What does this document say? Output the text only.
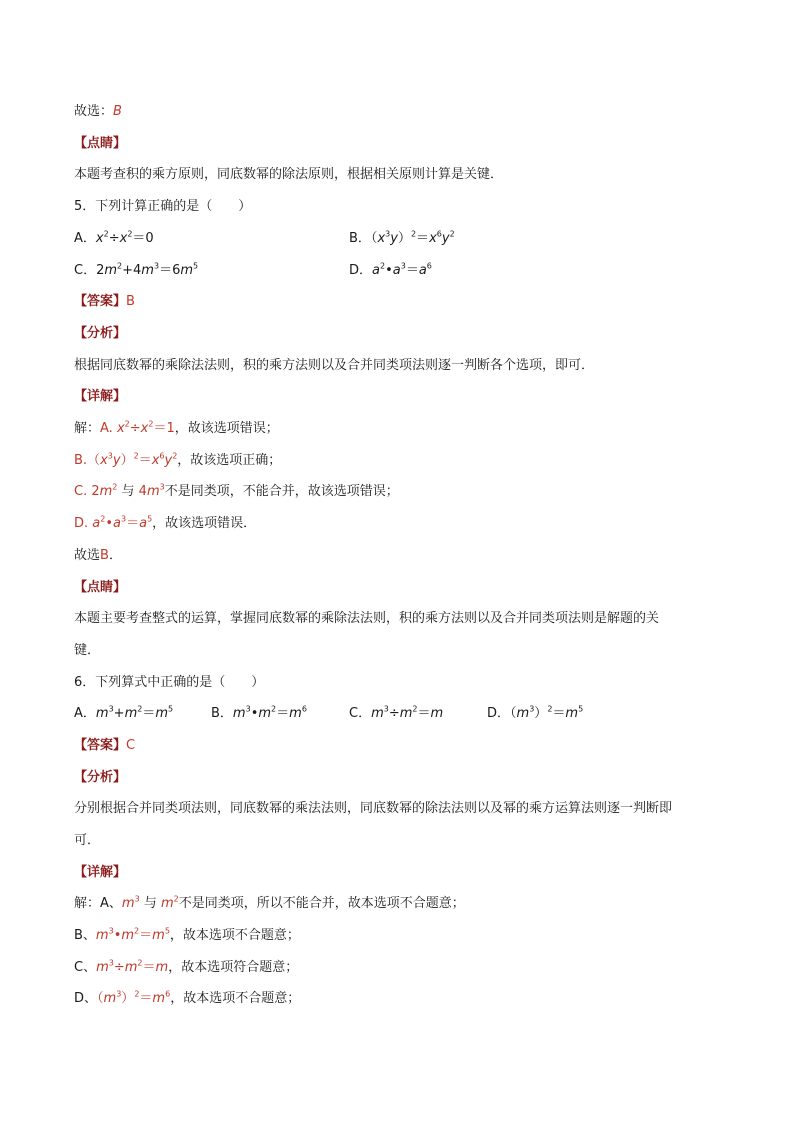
故选：B
【点睛】
本题考查积的乘方原则，同底数幂的除法原则，根据相关原则计算是关键．
5．下列计算正确的是（　　）
A．$x^2\div x^2=0$	B．$(x^3y)^2=x^6y^2$
C．$2m^2+4m^3=6m^5$	D．$a^2•a^3=a^6$
【答案】B
【分析】
根据同底数幂的乘除法法则，积的乘方法则以及合并同类项法则逐一判断各个选项，即可．
【详解】
解：A. $x^2\div x^2=1$，故该选项错误；
$B.(x^3y)^2=x^6y^2$，故该选项正确；
C. $2m^2$ 与 $4m^3$不是同类项，不能合并，故该选项错误；
D. $a^2•a^3=a^5$，故该选项错误．
故选B．
【点睛】
本题主要考查整式的运算，掌握同底数幂的乘除法法则，积的乘方法则以及合并同类项法则是解题的关
键．
6．下列算式中正确的是（　　）
A．$m^3+m^2=m^5$	B．$m^3•m^2=m^6$	C．$m^3\div m^2=m$	D．$(m^3)^2=m^5$
【答案】C
【分析】
分别根据合并同类项法则，同底数幂的乘法法则，同底数幂的除法法则以及幂的乘方运算法则逐一判断即
可．
【详解】
解：A、$m^3$ 与 $m^2$不是同类项，所以不能合并，故本选项不合题意；
B、$m^3•m^2=m^5$，故本选项不合题意；
C、$m^3\div m^2=m$，故本选项符合题意；
D、$(m^3)^2=m^6$，故本选项不合题意；
